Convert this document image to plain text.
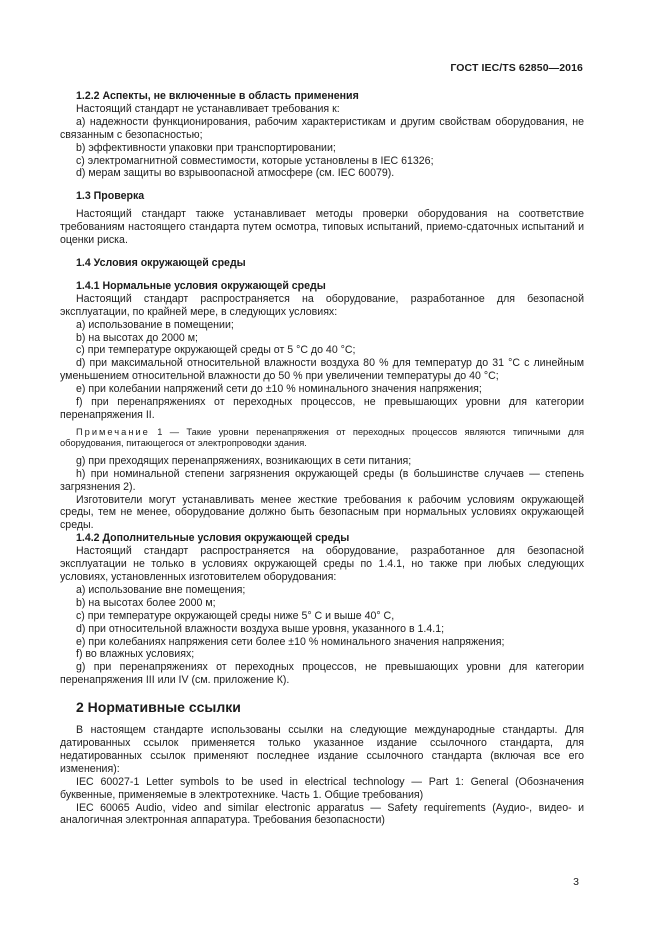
ГОСТ IEC/TS 62850—2016
1.2.2 Аспекты, не включенные в область применения
Настоящий стандарт не устанавливает требования к:
a) надежности функционирования, рабочим характеристикам и другим свойствам оборудования, не связанным с безопасностью;
b) эффективности упаковки при транспортировании;
c) электромагнитной совместимости, которые установлены в IEC 61326;
d) мерам защиты во взрывоопасной атмосфере (см. IEC 60079).
1.3 Проверка
Настоящий стандарт также устанавливает методы проверки оборудования на соответствие требованиям настоящего стандарта путем осмотра, типовых испытаний, приемо-сдаточных испытаний и оценки риска.
1.4 Условия окружающей среды
1.4.1 Нормальные условия окружающей среды
Настоящий стандарт распространяется на оборудование, разработанное для безопасной эксплуатации, по крайней мере, в следующих условиях:
a) использование в помещении;
b) на высотах до 2000 м;
c) при температуре окружающей среды от 5 °С до 40 °С;
d) при максимальной относительной влажности воздуха 80 % для температур до 31 °С с линейным уменьшением относительной влажности до 50 % при увеличении температуры до 40 °С;
e) при колебании напряжений сети до ±10 % номинального значения напряжения;
f) при перенапряжениях от переходных процессов, не превышающих уровни для категории перенапряжения II.
Примечание 1 — Такие уровни перенапряжения от переходных процессов являются типичными для оборудования, питающегося от электропроводки здания.
g) при преходящих перенапряжениях, возникающих в сети питания;
h) при номинальной степени загрязнения окружающей среды (в большинстве случаев — степень загрязнения 2).
Изготовители могут устанавливать менее жесткие требования к рабочим условиям окружающей среды, тем не менее, оборудование должно быть безопасным при нормальных условиях окружающей среды.
1.4.2 Дополнительные условия окружающей среды
Настоящий стандарт распространяется на оборудование, разработанное для безопасной эксплуатации не только в условиях окружающей среды по 1.4.1, но также при любых следующих условиях, установленных изготовителем оборудования:
a) использование вне помещения;
b) на высотах более 2000 м;
c) при температуре окружающей среды ниже 5° С и выше 40° С,
d) при относительной влажности воздуха выше уровня, указанного в 1.4.1;
e) при колебаниях напряжения сети более ±10 % номинального значения напряжения;
f) во влажных условиях;
g) при перенапряжениях от переходных процессов, не превышающих уровни для категории перенапряжения III или IV (см. приложение К).
2 Нормативные ссылки
В настоящем стандарте использованы ссылки на следующие международные стандарты. Для датированных ссылок применяется только указанное издание ссылочного стандарта, для недатированных ссылок применяют последнее издание ссылочного стандарта (включая все его изменения):
IEC 60027-1 Letter symbols to be used in electrical technology — Part 1: General (Обозначения буквенные, применяемые в электротехнике. Часть 1. Общие требования)
IEC 60065 Audio, video and similar electronic apparatus — Safety requirements (Аудио-, видео- и аналогичная электронная аппаратура. Требования безопасности)
3
